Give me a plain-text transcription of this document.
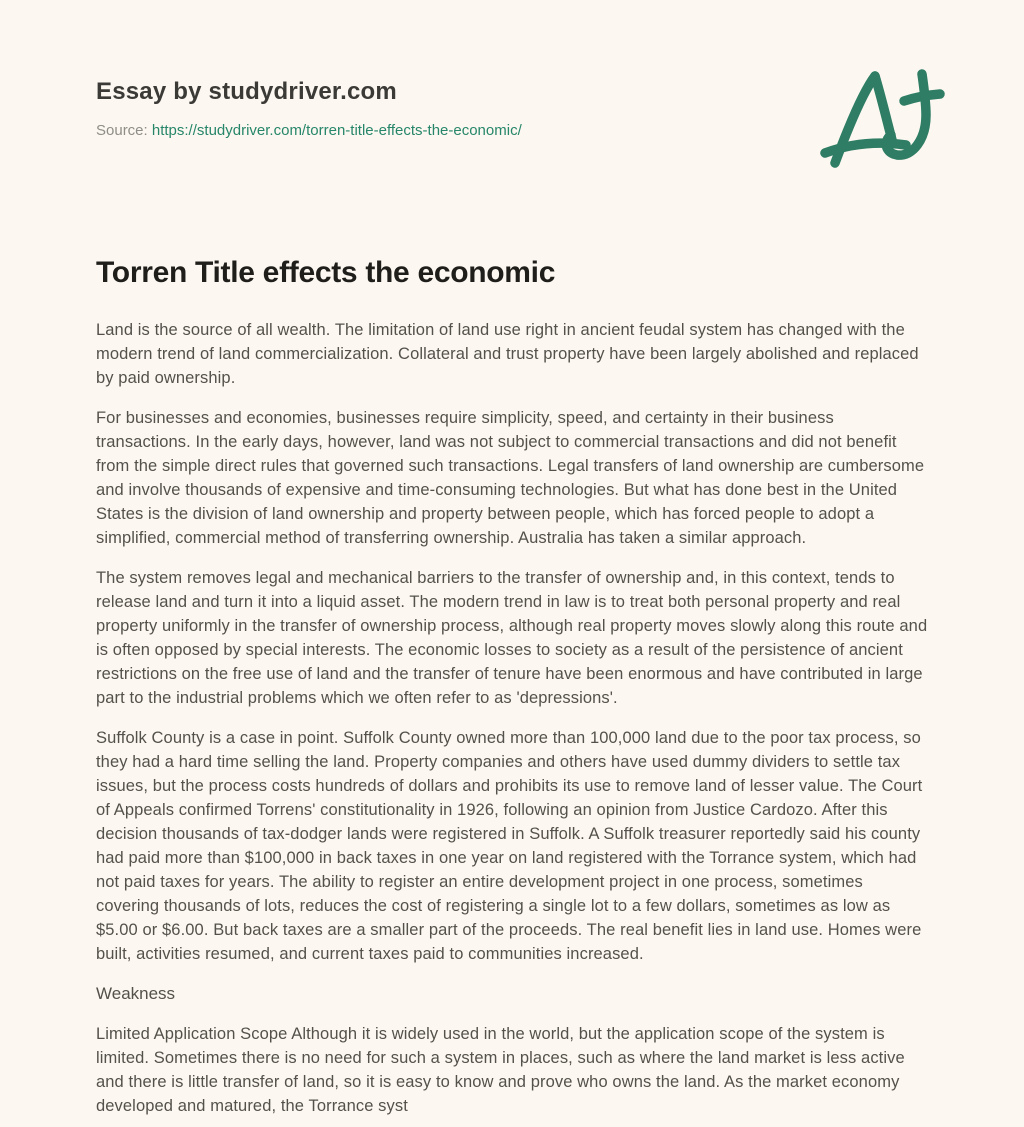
Essay by studydriver.com
Source: https://studydriver.com/torren-title-effects-the-economic/
Torren Title effects the economic

Land is the source of all wealth. The limitation of land use right in ancient feudal system has changed with the modern trend of land commercialization. Collateral and trust property have been largely abolished and replaced by paid ownership.

For businesses and economies, businesses require simplicity, speed, and certainty in their business transactions. In the early days, however, land was not subject to commercial transactions and did not benefit from the simple direct rules that governed such transactions. Legal transfers of land ownership are cumbersome and involve thousands of expensive and time-consuming technologies. But what has done best in the United States is the division of land ownership and property between people, which has forced people to adopt a simplified, commercial method of transferring ownership. Australia has taken a similar approach.

The system removes legal and mechanical barriers to the transfer of ownership and, in this context, tends to release land and turn it into a liquid asset. The modern trend in law is to treat both personal property and real property uniformly in the transfer of ownership process, although real property moves slowly along this route and is often opposed by special interests. The economic losses to society as a result of the persistence of ancient restrictions on the free use of land and the transfer of tenure have been enormous and have contributed in large part to the industrial problems which we often refer to as 'depressions'.

Suffolk County is a case in point. Suffolk County owned more than 100,000 land due to the poor tax process, so they had a hard time selling the land. Property companies and others have used dummy dividers to settle tax issues, but the process costs hundreds of dollars and prohibits its use to remove land of lesser value. The Court of Appeals confirmed Torrens' constitutionality in 1926, following an opinion from Justice Cardozo. After this decision thousands of tax-dodger lands were registered in Suffolk. A Suffolk treasurer reportedly said his county had paid more than $100,000 in back taxes in one year on land registered with the Torrance system, which had not paid taxes for years. The ability to register an entire development project in one process, sometimes covering thousands of lots, reduces the cost of registering a single lot to a few dollars, sometimes as low as $5.00 or $6.00. But back taxes are a smaller part of the proceeds. The real benefit lies in land use. Homes were built, activities resumed, and current taxes paid to communities increased.

Weakness

Limited Application Scope Although it is widely used in the world, but the application scope of the system is limited. Sometimes there is no need for such a system in places, such as where the land market is less active and there is little transfer of land, so it is easy to know and prove who owns the land. As the market economy developed and matured, the Torrance syst
